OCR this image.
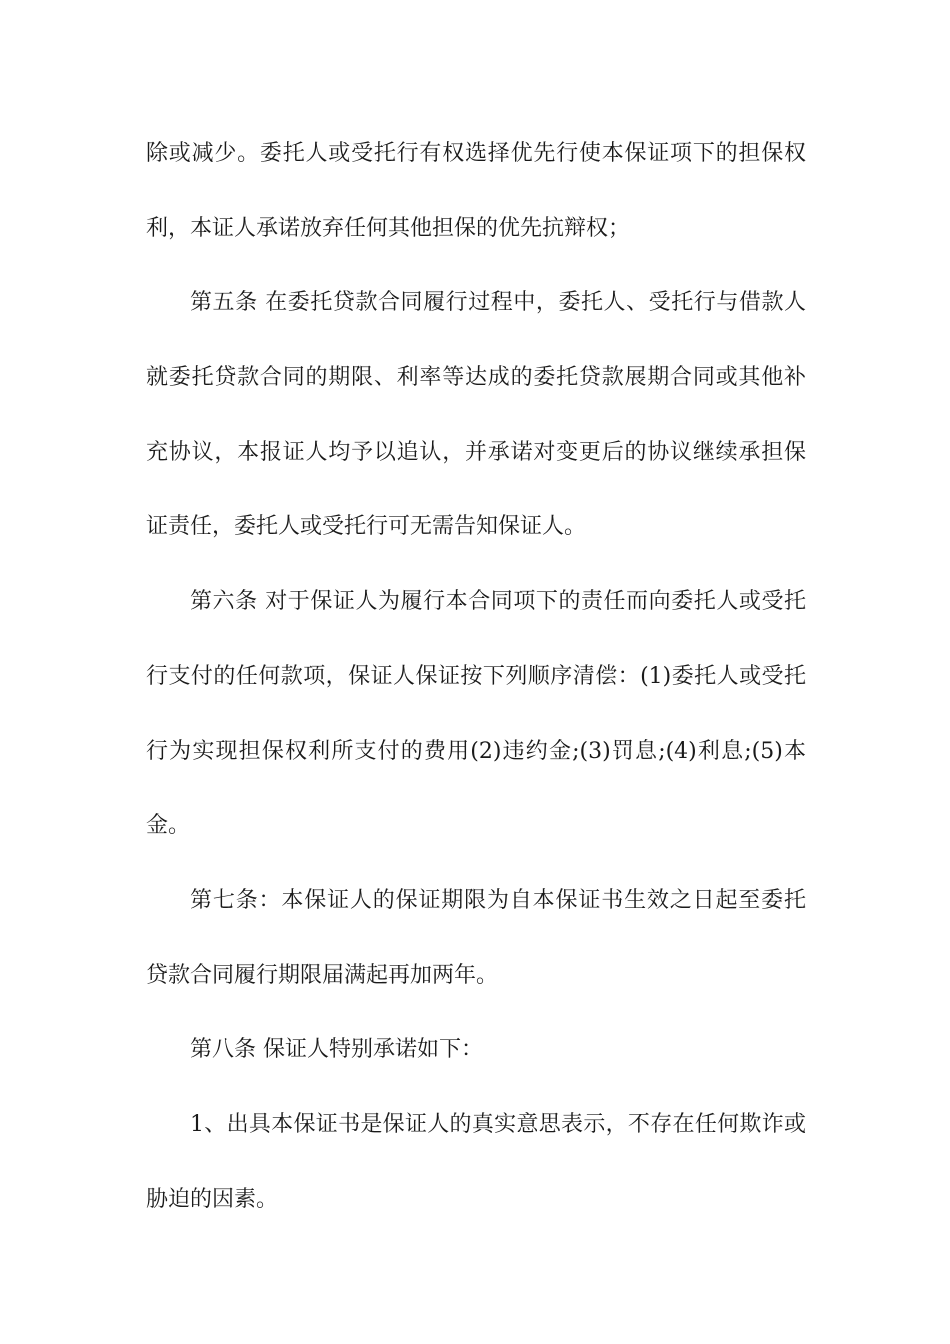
除或减少。委托人或受托行有权选择优先行使本保证项下的担保权
利，本证人承诺放弃任何其他担保的优先抗辩权；
第五条 在委托贷款合同履行过程中，委托人、受托行与借款人
就委托贷款合同的期限、利率等达成的委托贷款展期合同或其他补
充协议，本报证人均予以追认，并承诺对变更后的协议继续承担保
证责任，委托人或受托行可无需告知保证人。
第六条 对于保证人为履行本合同项下的责任而向委托人或受托
行支付的任何款项，保证人保证按下列顺序清偿：(1)委托人或受托
行为实现担保权利所支付的费用(2)违约金;(3)罚息;(4)利息;(5)本
金。
第七条：本保证人的保证期限为自本保证书生效之日起至委托
贷款合同履行期限届满起再加两年。
第八条 保证人特别承诺如下：
1、出具本保证书是保证人的真实意思表示，不存在任何欺诈或
胁迫的因素。
